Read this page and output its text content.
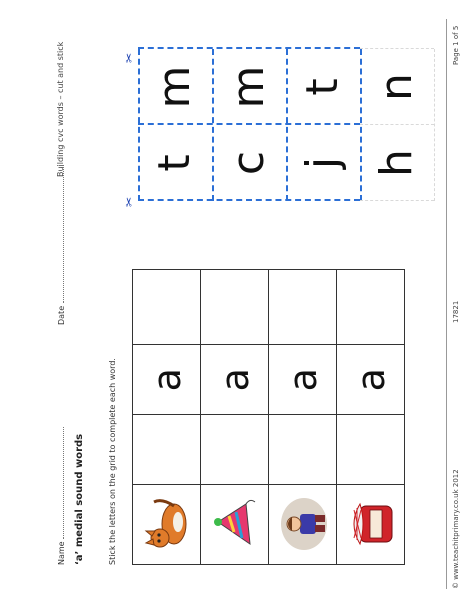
Name
Date
Building cvc words – cut and stick
‘a’ medial sound words	Stick the letters on the grid to complete each word.
		a	

		a	

		a	

		a	
t c j h
m m t n
✂
✂
© www.teachitprimary.co.uk 2012
17821
Page 1 of 5
